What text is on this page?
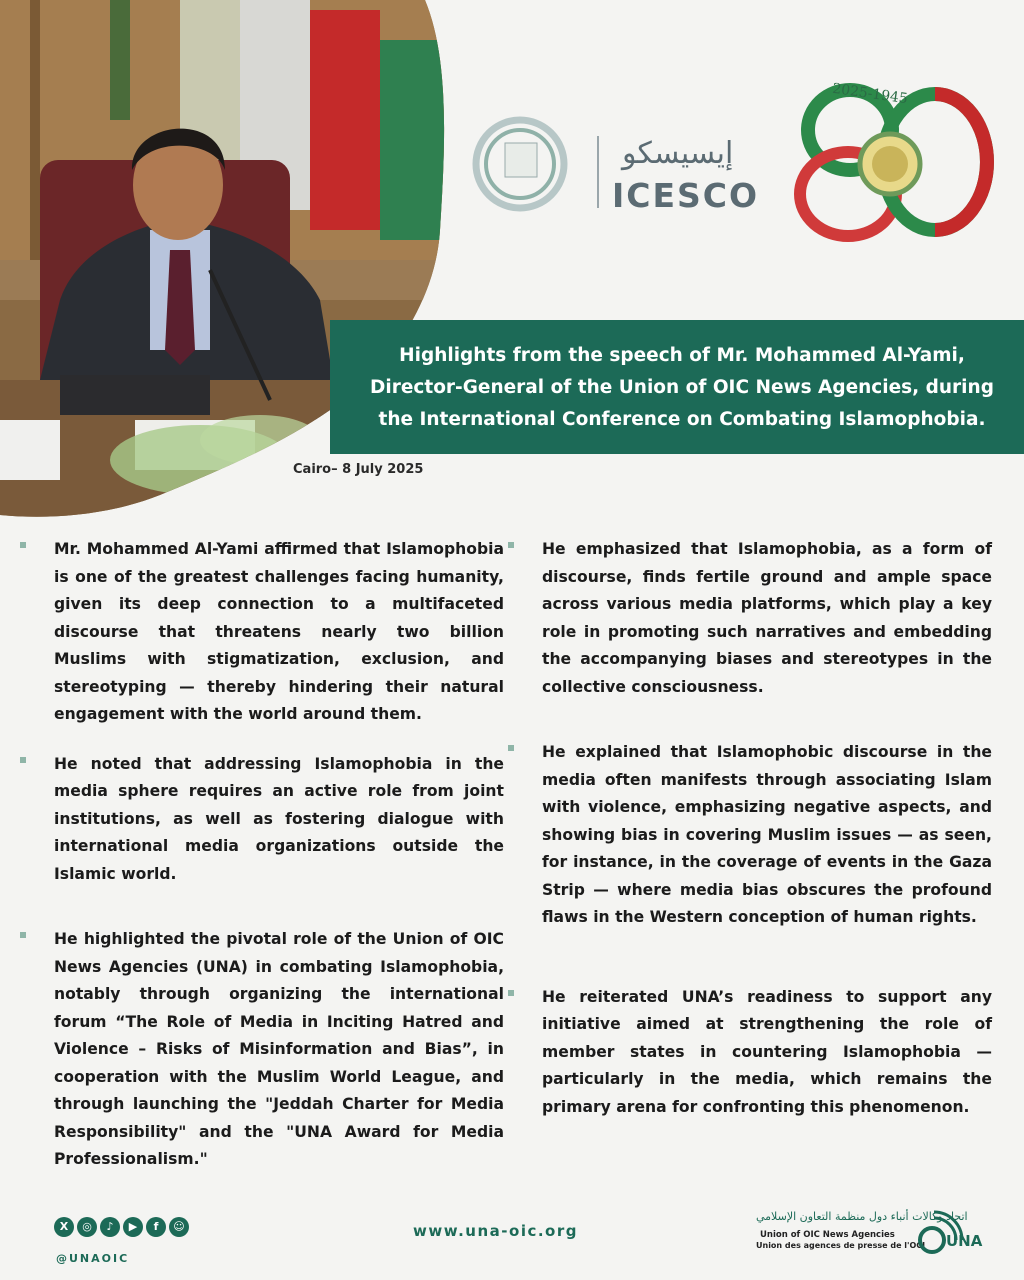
إيسيسكو
ICESCO
2025-1945

Highlights from the speech of Mr. Mohammed Al-Yami, Director-General of the Union of OIC News Agencies, during the International Conference on Combating Islamophobia.

Cairo– 8 July 2025

Mr. Mohammed Al-Yami affirmed that Islamophobia is one of the greatest challenges facing humanity, given its deep connection to a multifaceted discourse that threatens nearly two billion Muslims with stigmatization, exclusion, and stereotyping — thereby hindering their natural engagement with the world around them.

He noted that addressing Islamophobia in the media sphere requires an active role from joint institutions, as well as fostering dialogue with international media organizations outside the Islamic world.

He highlighted the pivotal role of the Union of OIC News Agencies (UNA) in combating Islamophobia, notably through organizing the international forum “The Role of Media in Inciting Hatred and Violence – Risks of Misinformation and Bias”, in cooperation with the Muslim World League, and through launching the "Jeddah Charter for Media Responsibility" and the "UNA Award for Media Professionalism."

He emphasized that Islamophobia, as a form of discourse, finds fertile ground and ample space across various media platforms, which play a key role in promoting such narratives and embedding the accompanying biases and stereotypes in the collective consciousness.

He explained that Islamophobic discourse in the media often manifests through associating Islam with violence, emphasizing negative aspects, and showing bias in covering Muslim issues — as seen, for instance, in the coverage of events in the Gaza Strip — where media bias obscures the profound flaws in the Western conception of human rights.

He reiterated UNA’s readiness to support any initiative aimed at strengthening the role of member states in countering Islamophobia — particularly in the media, which remains the primary arena for confronting this phenomenon.

X	◎	♪	▶	f	☺
@UNAOIC
www.una-oic.org
اتحاد وكالات أنباء دول منظمة التعاون الإسلامي
Union of OIC News Agencies
Union des agences de presse de l'OCI UNA
